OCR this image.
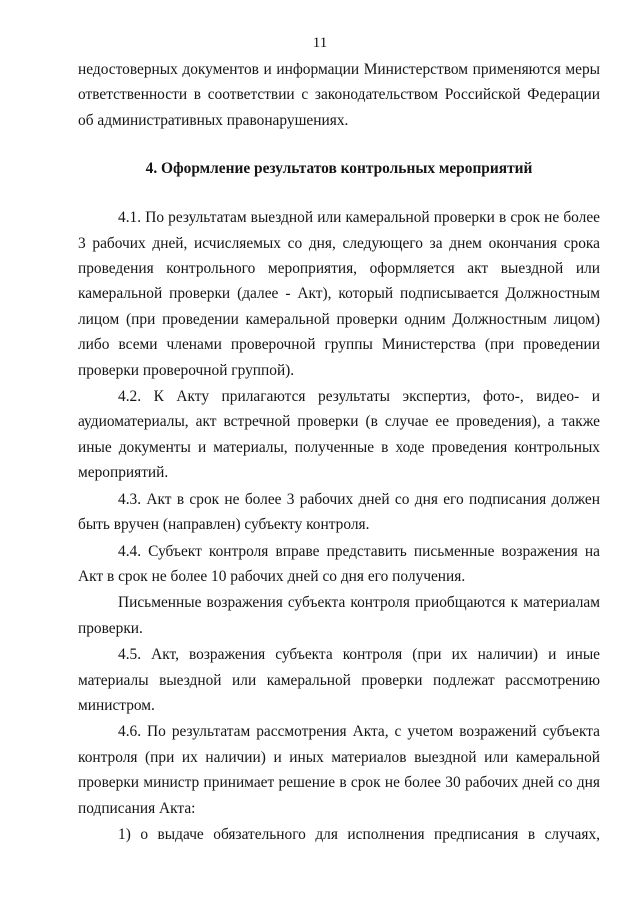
11

недостоверных документов и информации Министерством применяются меры ответственности в соответствии с законодательством Российской Федерации об административных правонарушениях.

4. Оформление результатов контрольных мероприятий

4.1. По результатам выездной или камеральной проверки в срок не более 3 рабочих дней, исчисляемых со дня, следующего за днем окончания срока проведения контрольного мероприятия, оформляется акт выездной или камеральной проверки (далее - Акт), который подписывается Должностным лицом (при проведении камеральной проверки одним Должностным лицом) либо всеми членами проверочной группы Министерства (при проведении проверки проверочной группой).

4.2. К Акту прилагаются результаты экспертиз, фото-, видео- и аудиоматериалы, акт встречной проверки (в случае ее проведения), а также иные документы и материалы, полученные в ходе проведения контрольных мероприятий.

4.3. Акт в срок не более 3 рабочих дней со дня его подписания должен быть вручен (направлен) субъекту контроля.

4.4. Субъект контроля вправе представить письменные возражения на Акт в срок не более 10 рабочих дней со дня его получения.

Письменные возражения субъекта контроля приобщаются к материалам проверки.

4.5. Акт, возражения субъекта контроля (при их наличии) и иные материалы выездной или камеральной проверки подлежат рассмотрению министром.

4.6. По результатам рассмотрения Акта, с учетом возражений субъекта контроля (при их наличии) и иных материалов выездной или камеральной проверки министр принимает решение в срок не более 30 рабочих дней со дня подписания Акта:

1) о выдаче обязательного для исполнения предписания в случаях,
